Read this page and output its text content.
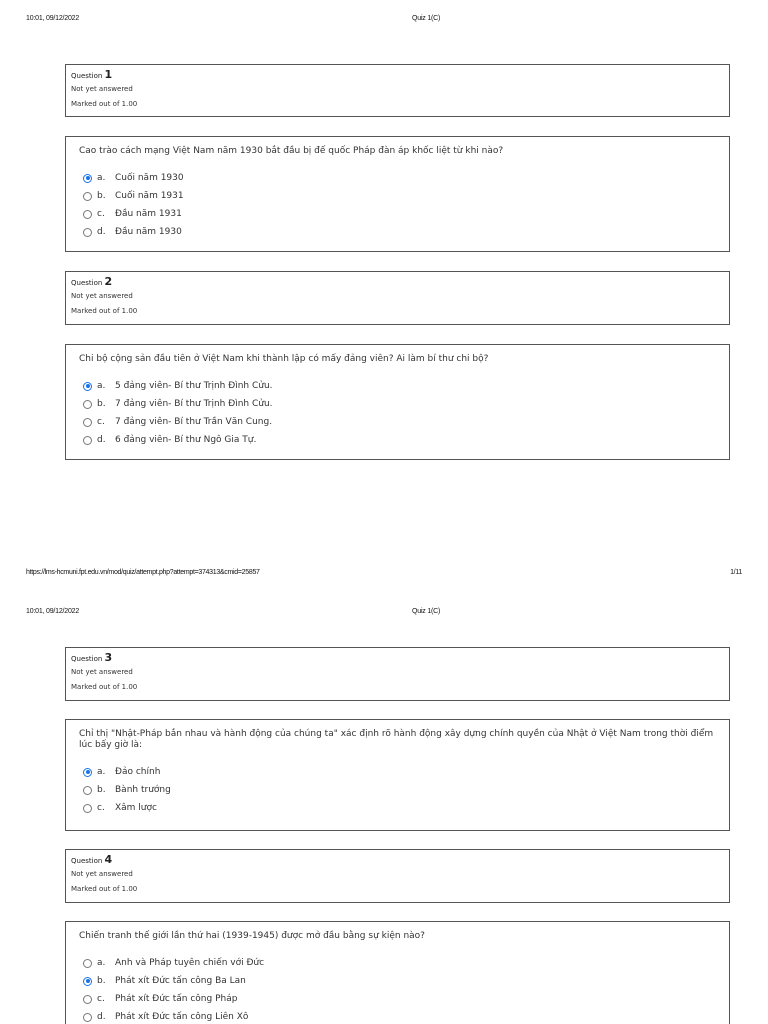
10:01, 09/12/2022	Quiz 1(C)
Question 1
Not yet answered
Marked out of 1.00
Cao trào cách mạng Việt Nam năm 1930 bắt đầu bị đế quốc Pháp đàn áp khốc liệt từ khi nào?
a.	Cuối năm 1930
b.	Cuối năm 1931
c.	Đầu năm 1931
d.	Đầu năm 1930
Question 2
Not yet answered
Marked out of 1.00
Chi bộ cộng sản đầu tiên ở Việt Nam khi thành lập có mấy đảng viên? Ai làm bí thư chi bộ?
a.	5 đảng viên- Bí thư Trịnh Đình Cửu.
b.	7 đảng viên- Bí thư Trịnh Đình Cửu.
c.	7 đảng viên- Bí thư Trần Văn Cung.
d.	6 đảng viên- Bí thư Ngô Gia Tự.
https://lms-hcmuni.fpt.edu.vn/mod/quiz/attempt.php?attempt=374313&cmid=25857	1/11
10:01, 09/12/2022	Quiz 1(C)
Question 3
Not yet answered
Marked out of 1.00
Chỉ thị "Nhật-Pháp bắn nhau và hành động của chúng ta" xác định rõ hành động xây dựng chính quyền của Nhật ở Việt Nam trong thời điểm lúc bấy giờ là:
a.	Đảo chính
b.	Bành trướng
c.	Xâm lược
Question 4
Not yet answered
Marked out of 1.00
Chiến tranh thế giới lần thứ hai (1939-1945) được mở đầu bằng sự kiện nào?
a.	Anh và Pháp tuyên chiến với Đức
b.	Phát xít Đức tấn công Ba Lan
c.	Phát xít Đức tấn công Pháp
d.	Phát xít Đức tấn công Liên Xô
